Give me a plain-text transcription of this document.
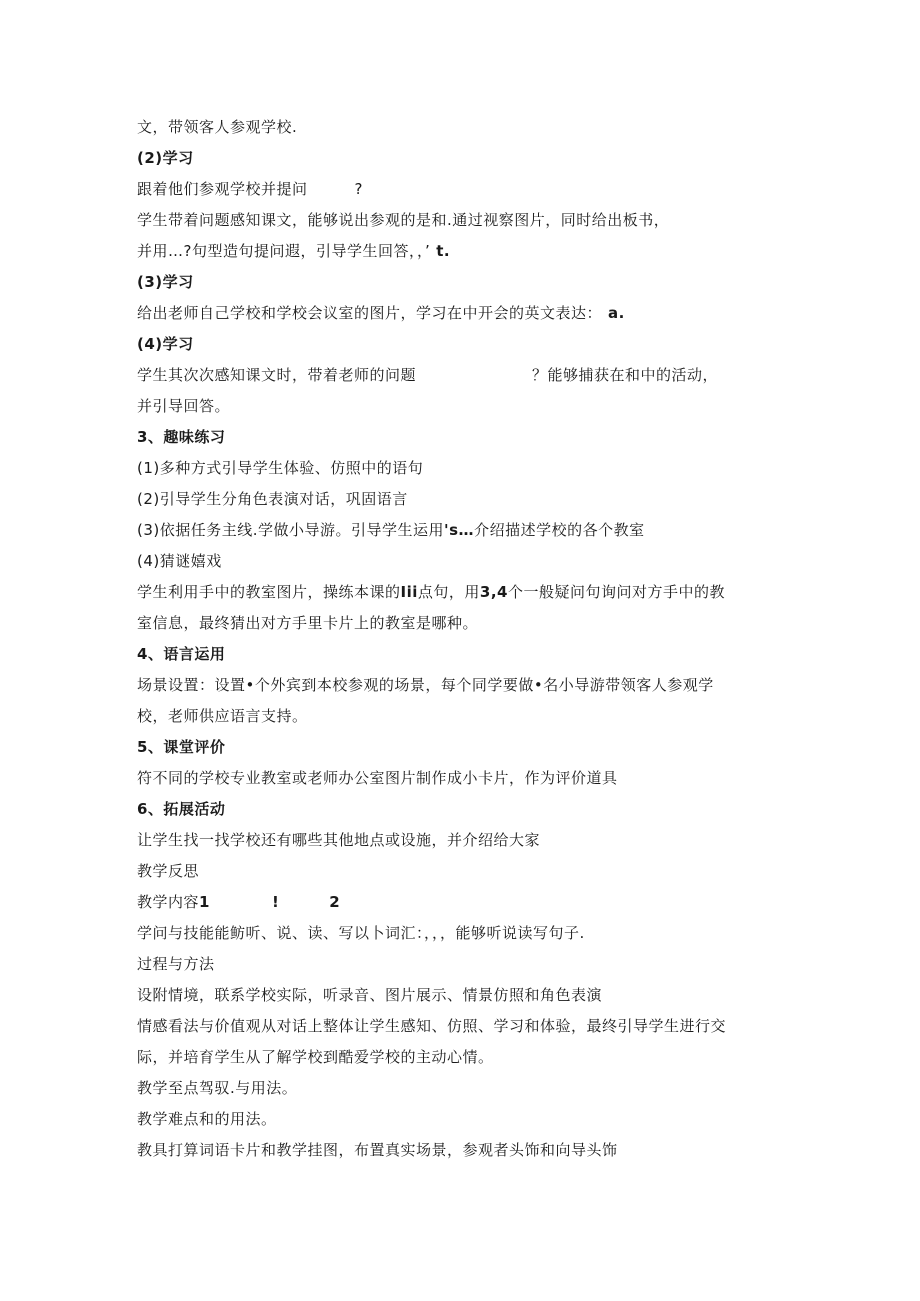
文，带领客人参观学校.
(2)学习
跟着他们参观学校并提问	?
学生带着问题感知课文，能够说出参观的是和.通过视察图片，同时给出板书，
并用…?句型造句提问遐，引导学生回答，，’ t.
(3)学习
给出老师自己学校和学校会议室的图片，学习在中开会的英文表达： a.
(4)学习
学生其次次感知课文时，带着老师的问题	？能够捕获在和中的活动，
并引导回答。
3、趣味练习
(1)多种方式引导学生体验、仿照中的语句
(2)引导学生分角色表演对话，巩固语言
(3)依据任务主线.学做小导游。引导学生运用's…介绍描述学校的各个教室
(4)猜谜嬉戏
学生利用手中的教室图片，操练本课的Iii点句，用3,4个一般疑问句询问对方手中的教
室信息，最终猜出对方手里卡片上的教室是哪种。
4、语言运用
场景设置：设置•个外宾到本校参观的场景，每个同学要做•名小导游带领客人参观学
校，老师供应语言支持。
5、课堂评价
符不同的学校专业教室或老师办公室图片制作成小卡片，作为评价道具
6、拓展活动
让学生找一找学校还有哪些其他地点或设施，并介绍给大家
教学反思
教学内容1	!	2
学问与技能能鲂听、说、读、写以卜词汇：，，，能够听说读写句子.
过程与方法
设附情境，联系学校实际，听录音、图片展示、情景仿照和角色表演
情感看法与价值观从对话上整体让学生感知、仿照、学习和体验，最终引导学生进行交
际，并培育学生从了解学校到酷爱学校的主动心情。
教学至点驾驭.与用法。
教学难点和的用法。
教具打算词语卡片和教学挂图，布置真实场景，参观者头饰和向导头饰
